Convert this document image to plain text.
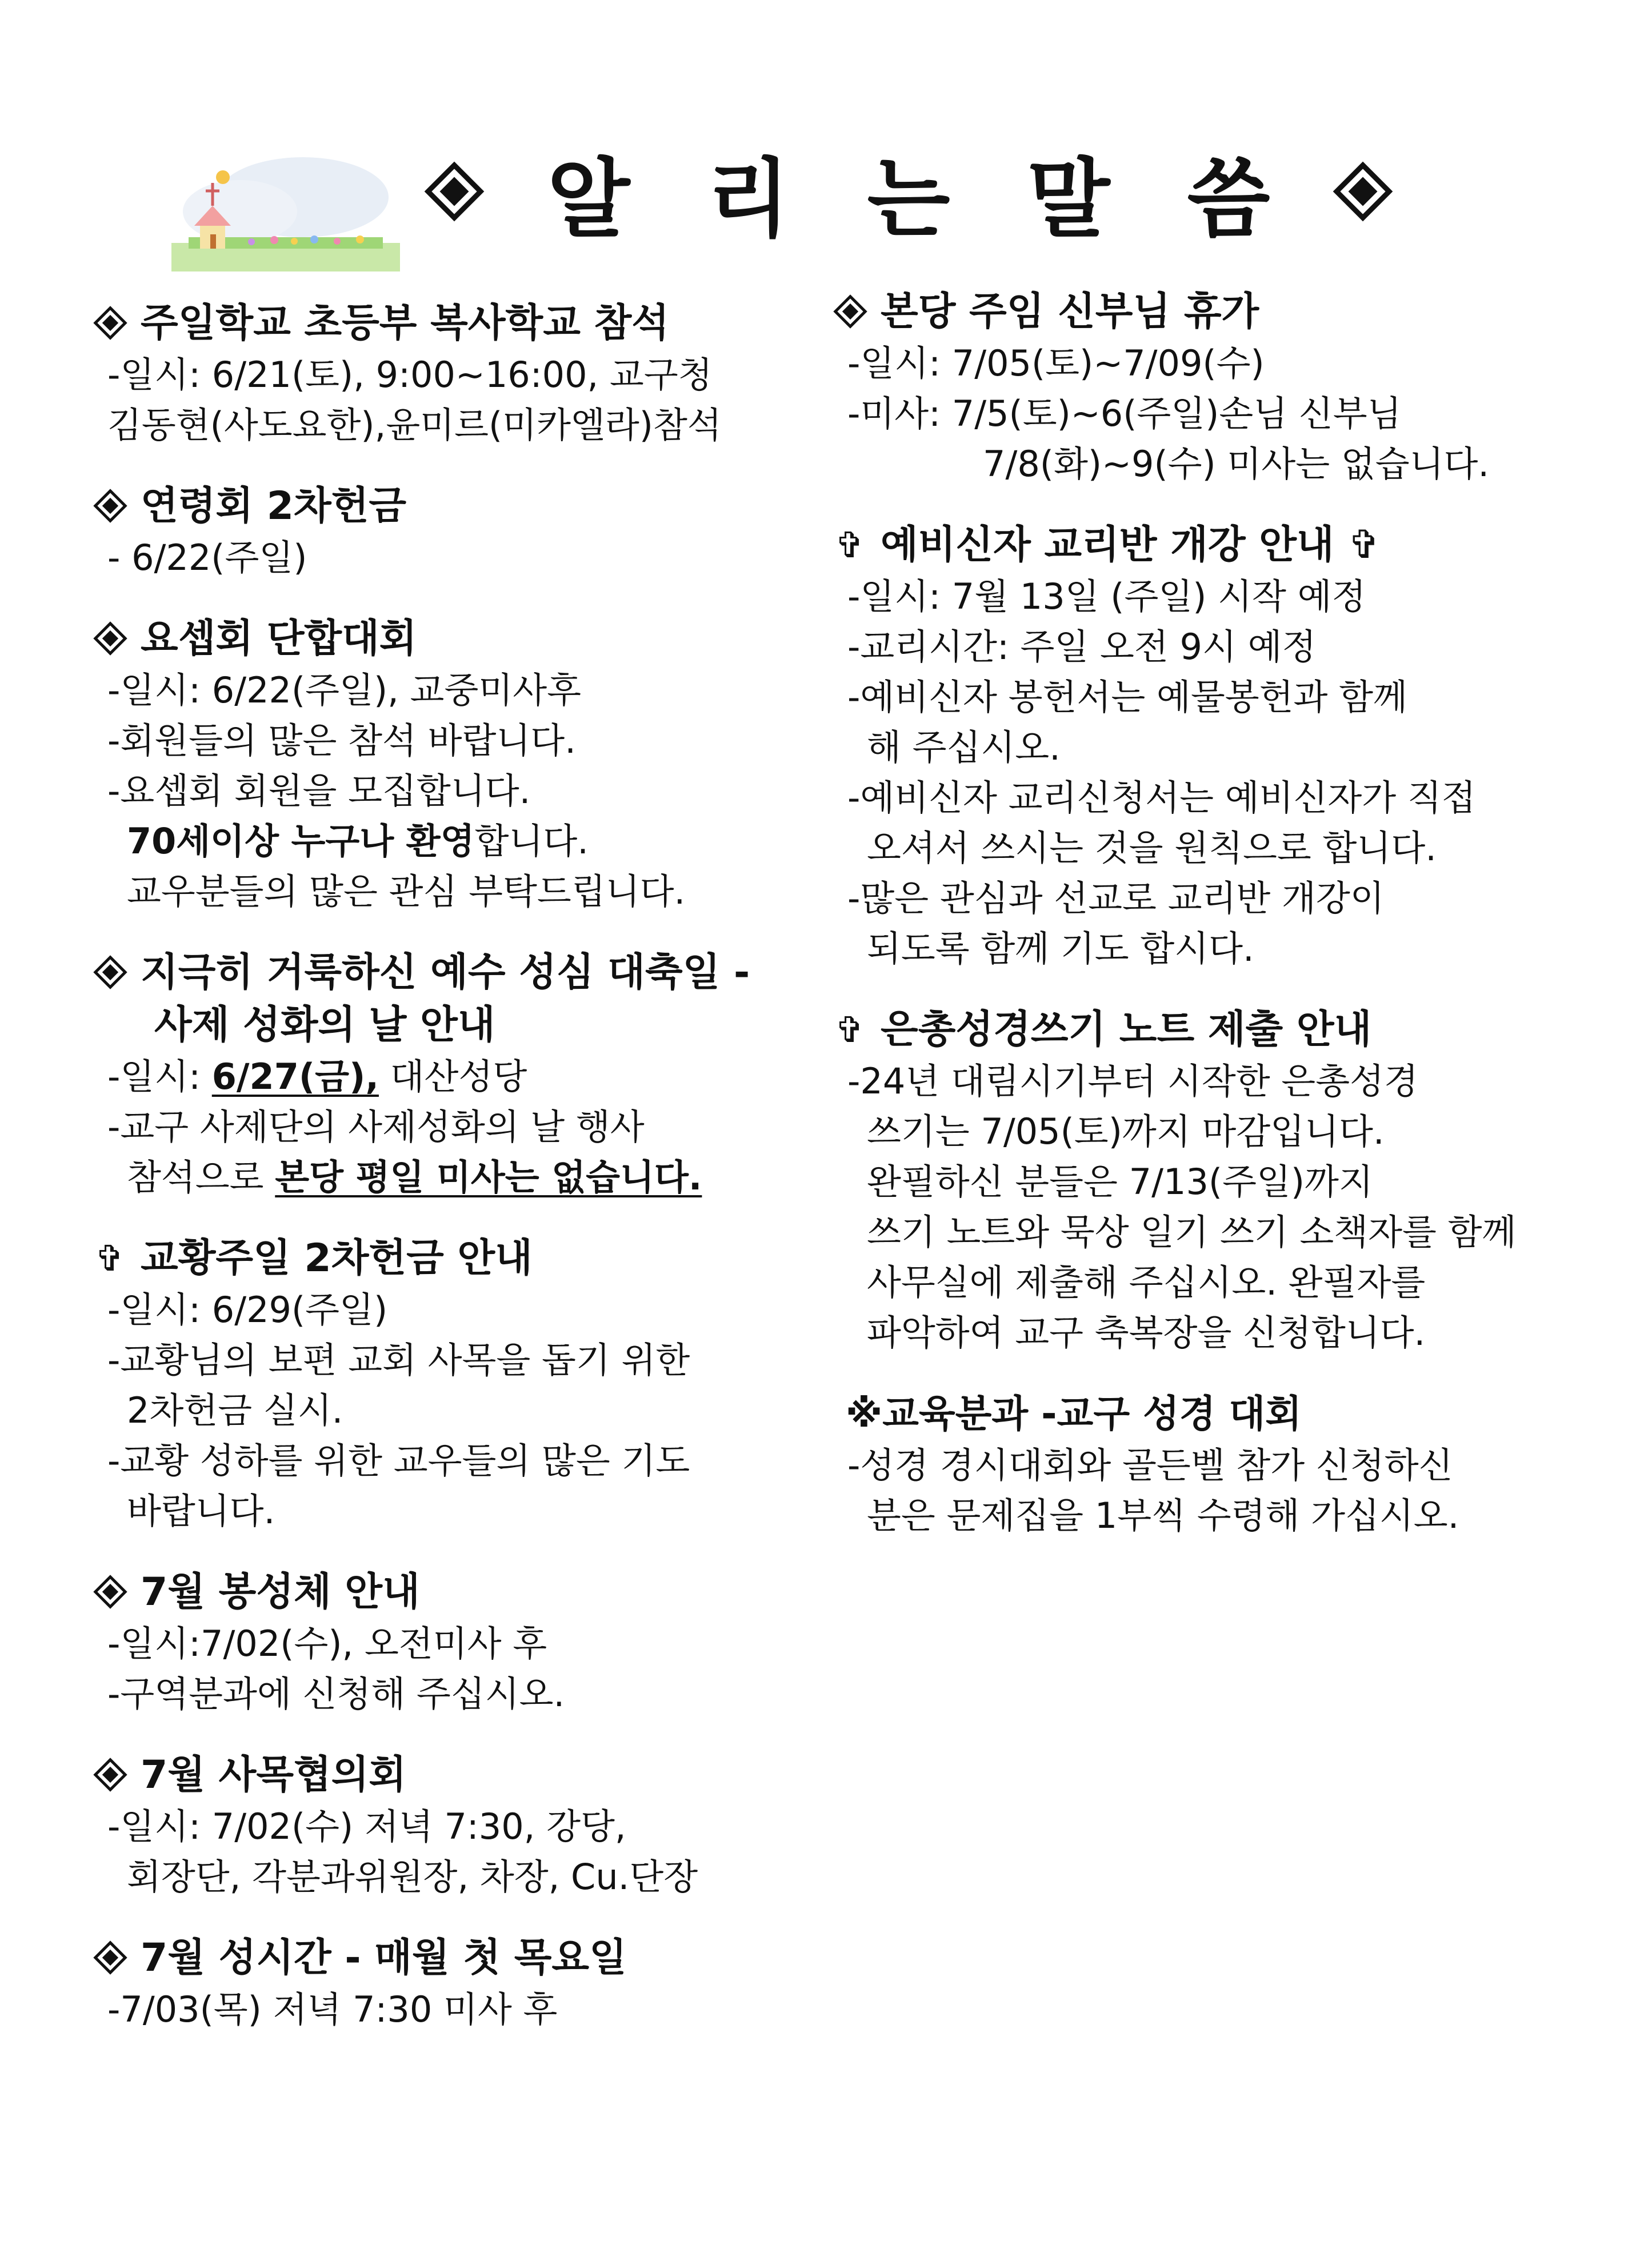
알 리 는 말 씀
주일학교 초등부 복사학교 참석
-일시: 6/21(토), 9:00~16:00, 교구청
김동현(사도요한),윤미르(미카엘라)참석
연령회 2차헌금
- 6/22(주일)
요셉회 단합대회
-일시: 6/22(주일), 교중미사후
-회원들의 많은 참석 바랍니다.
-요셉회 회원을 모집합니다.
70세이상 누구나 환영합니다.
교우분들의 많은 관심 부탁드립니다.
지극히 거룩하신 예수 성심 대축일 -
사제 성화의 날 안내
-일시: 6/27(금), 대산성당
-교구 사제단의 사제성화의 날 행사
참석으로 본당 평일 미사는 없습니다.
✞ 교황주일 2차헌금 안내
-일시: 6/29(주일)
-교황님의 보편 교회 사목을 돕기 위한
2차헌금 실시.
-교황 성하를 위한 교우들의 많은 기도
바랍니다.
7월 봉성체 안내
-일시:7/02(수), 오전미사 후
-구역분과에 신청해 주십시오.
7월 사목협의회
-일시: 7/02(수) 저녁 7:30, 강당,
회장단, 각분과위원장, 차장, Cu.단장
7월 성시간 - 매월 첫 목요일
-7/03(목) 저녁 7:30 미사 후
본당 주임 신부님 휴가
-일시: 7/05(토)~7/09(수)
-미사: 7/5(토)~6(주일)손님 신부님
7/8(화)~9(수) 미사는 없습니다.
✞ 예비신자 교리반 개강 안내 ✞
-일시: 7월 13일 (주일) 시작 예정
-교리시간: 주일 오전 9시 예정
-예비신자 봉헌서는 예물봉헌과 함께
해 주십시오.
-예비신자 교리신청서는 예비신자가 직접
오셔서 쓰시는 것을 원칙으로 합니다.
-많은 관심과 선교로 교리반 개강이
되도록 함께 기도 합시다.
✞ 은총성경쓰기 노트 제출 안내
-24년 대림시기부터 시작한 은총성경
쓰기는 7/05(토)까지 마감입니다.
완필하신 분들은 7/13(주일)까지
쓰기 노트와 묵상 일기 쓰기 소책자를 함께
사무실에 제출해 주십시오. 완필자를
파악하여 교구 축복장을 신청합니다.
※교육분과 -교구 성경 대회
-성경 경시대회와 골든벨 참가 신청하신
분은 문제집을 1부씩 수령해 가십시오.
